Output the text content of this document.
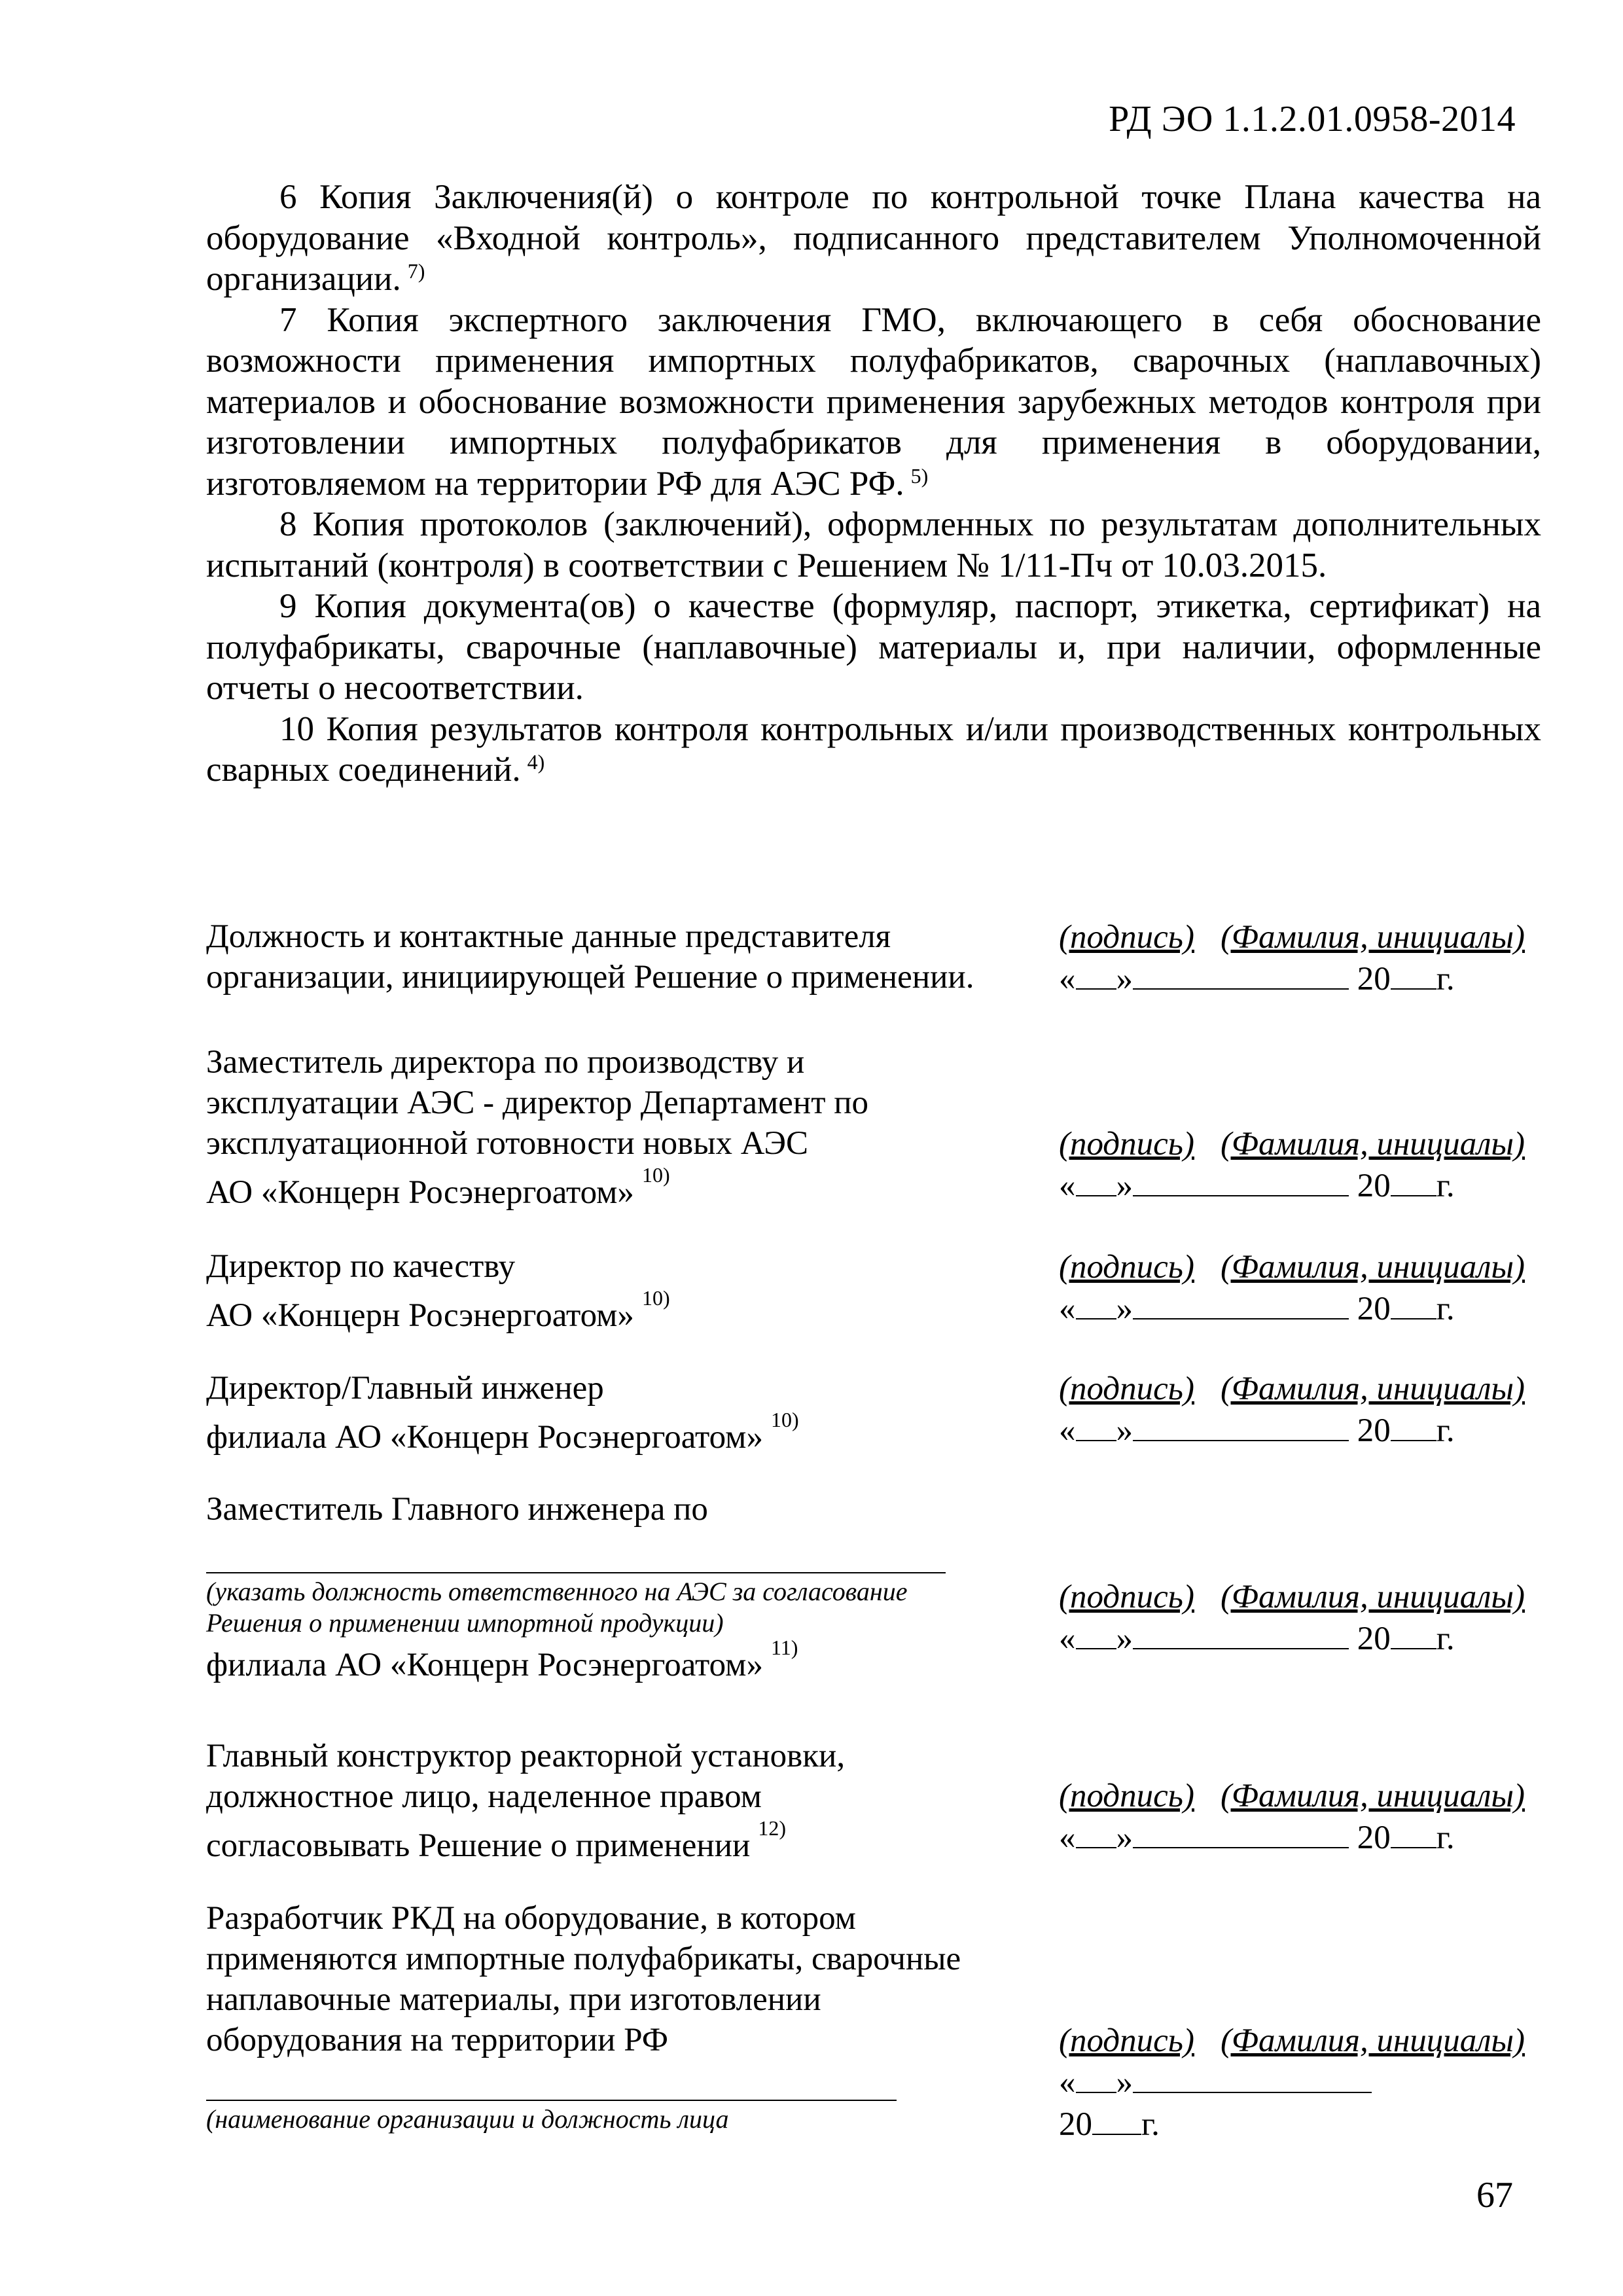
РД ЭО 1.1.2.01.0958-2014

6 Копия Заключения(й) о контроле по контрольной точке Плана качества на оборудование «Входной контроль», подписанного представителем Уполномоченной организации. $^{7)}$

7 Копия экспертного заключения ГМО, включающего в себя обоснование возможности применения импортных полуфабрикатов, сварочных (наплавочных) материалов и обоснование возможности применения зарубежных методов контроля при изготовлении импортных полуфабрикатов для применения в оборудовании, изготовляемом на территории РФ для АЭС РФ. $^{5)}$

8 Копия протоколов (заключений), оформленных по результатам дополнительных испытаний (контроля) в соответствии с Решением № 1/11-Пч от 10.03.2015.

9 Копия документа(ов) о качестве (формуляр, паспорт, этикетка, сертификат) на полуфабрикаты, сварочные (наплавочные) материалы и, при наличии, оформленные отчеты о несоответствии.

10 Копия результатов контроля контрольных и/или производственных контрольных сварных соединений. $^{4)}$

Должность и контактные данные представителя
организации, инициирующей Решение о применении.
(подпись) (Фамилия, инициалы)
« »	20 г.
Заместитель директора по производству и
эксплуатации АЭС - директор Департамент по
эксплуатационной готовности новых АЭС
АО «Концерн Росэнергоатом» $^{10)}$
(подпись) (Фамилия, инициалы)
« »	20 г.
Директор по качеству
АО «Концерн Росэнергоатом» $^{10)}$
(подпись) (Фамилия, инициалы)
« »	20 г.
Директор/Главный инженер
филиала АО «Концерн Росэнергоатом» $^{10)}$
(подпись) (Фамилия, инициалы)
« »	20 г.
Заместитель Главного инженера по
(указать должность ответственного на АЭС за согласование
Решения о применении импортной продукции)
филиала АО «Концерн Росэнергоатом» $^{11)}$
(подпись) (Фамилия, инициалы)
« »	20 г.
Главный конструктор реакторной установки,
должностное лицо, наделенное правом
согласовывать Решение о применении $^{12)}$
(подпись) (Фамилия, инициалы)
« »	20 г.
Разработчик РКД на оборудование, в котором
применяются импортные полуфабрикаты, сварочные
наплавочные материалы, при изготовлении
оборудования на территории РФ
(наименование организации и должность лица
(подпись) (Фамилия, инициалы)
« »
20 г.
67
